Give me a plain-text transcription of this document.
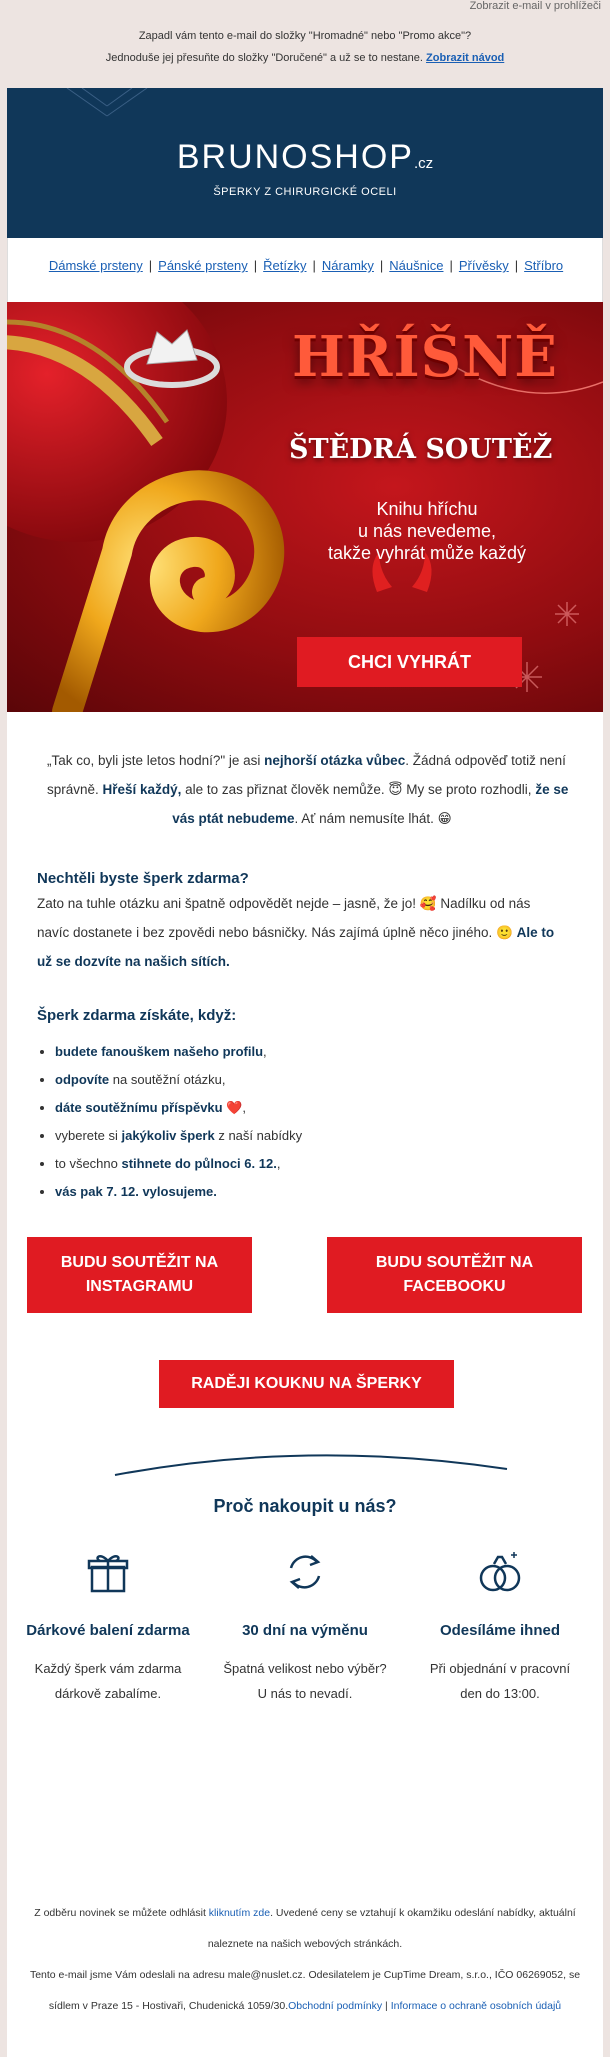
Zobrazit e-mail v prohlížeči
Zapadl vám tento e-mail do složky "Hromadné" nebo "Promo akce"?
Jednoduše jej přesuňte do složky "Doručené" a už se to nestane. Zobrazit návod
BRUNOSHOP.cz
ŠPERKY Z CHIRURGICKÉ OCELI
Dámské prsteny | Pánské prsteny | Řetízky | Náramky | Náušnice | Přívěsky | Stříbro
HŘÍŠNĚ
ŠTĚDRÁ SOUTĚŽ
Knihu hříchu
u nás nevedeme,
takže vyhrát může každý
CHCI VYHRÁT

„Tak co, byli jste letos hodní?" je asi nejhorší otázka vůbec. Žádná odpověď totiž není

správně. Hřeší každý, ale to zas přiznat člověk nemůže. 😇 My se proto rozhodli, že se

vás ptát nebudeme. Ať nám nemusíte lhát. 😁

Nechtěli byste šperk zdarma?

Zato na tuhle otázku ani špatně odpovědět nejde – jasně, že jo! 🥰 Nadílku od nás

navíc dostanete i bez zpovědi nebo básničky. Nás zajímá úplně něco jiného. 🙂 Ale to

už se dozvíte na našich sítích.

Šperk zdarma získáte, když:
• budete fanouškem našeho profilu,
• odpovíte na soutěžní otázku,
• dáte soutěžnímu příspěvku ❤️,
• vyberete si jakýkoliv šperk z naší nabídky
• to všechno stihnete do půlnoci 6. 12.,
• vás pak 7. 12. vylosujeme.
BUDU SOUTĚŽIT NA
INSTAGRAMU
BUDU SOUTĚŽIT NA
FACEBOOKU
RADĚJI KOUKNU NA ŠPERKY
Proč nakoupit u nás?
Dárkové balení zdarma
Každý šperk vám zdarma
dárkově zabalíme.
30 dní na výměnu
Špatná velikost nebo výběr?
U nás to nevadí.
Odesíláme ihned
Při objednání v pracovní
den do 13:00.
Z odběru novinek se můžete odhlásit kliknutím zde. Uvedené ceny se vztahují k okamžiku odeslání nabídky, aktuální
naleznete na našich webových stránkách.
Tento e-mail jsme Vám odeslali na adresu male@nuslet.cz. Odesilatelem je CupTime Dream, s.r.o., IČO 06269052, se
sídlem v Praze 15 - Hostivaři, Chudenická 1059/30.Obchodní podmínky | Informace o ochraně osobních údajů
